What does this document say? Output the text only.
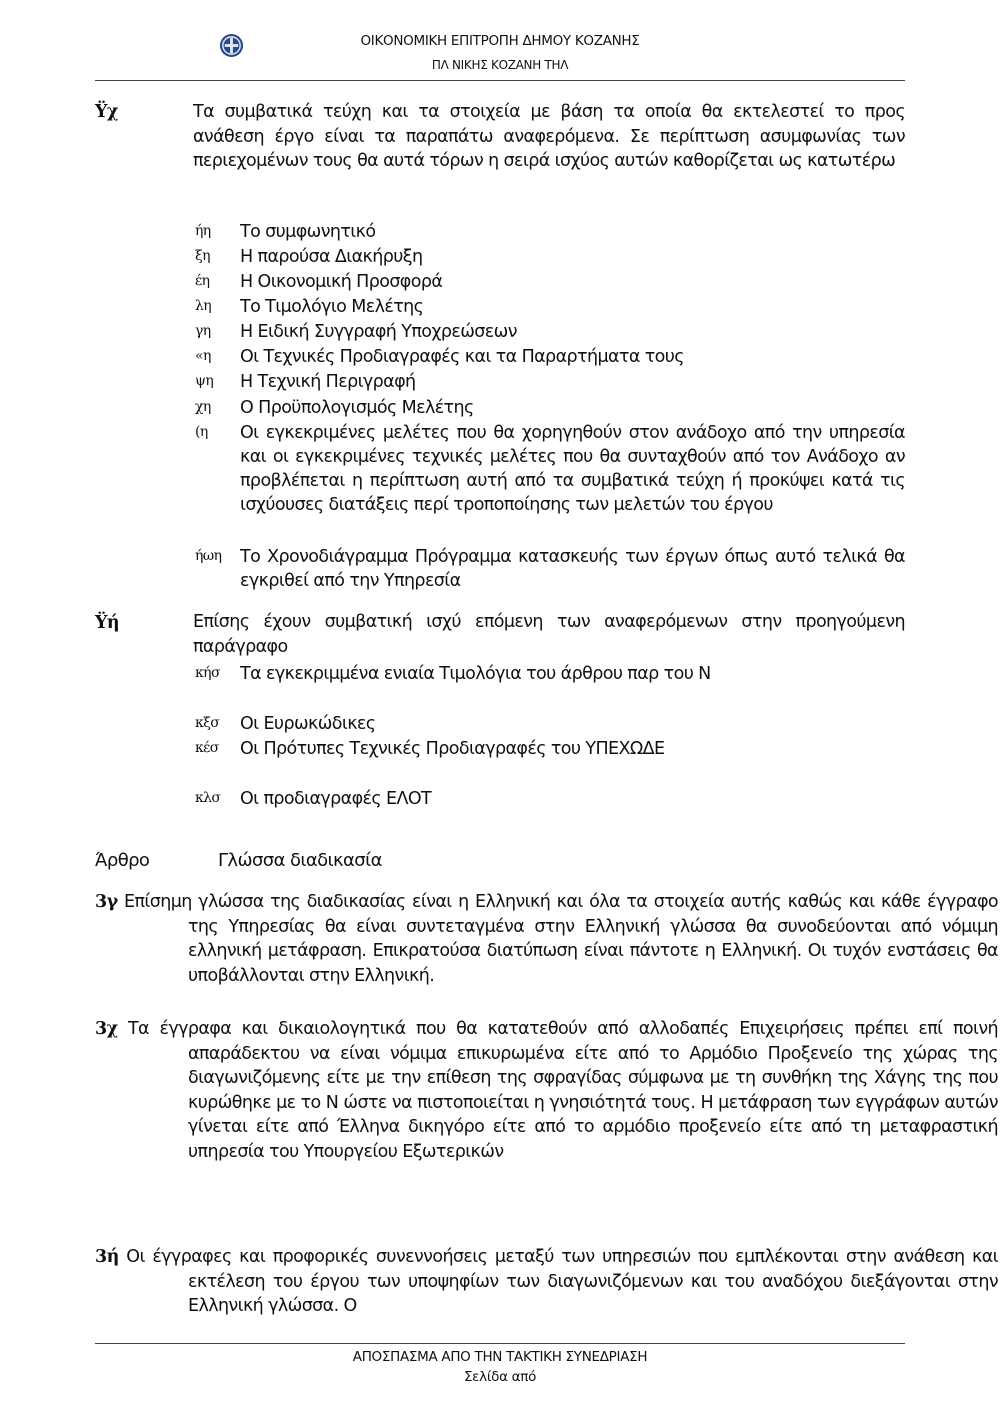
ΟΙΚΟΝΟΜΙΚΗ ΕΠΙΤΡΟΠΗ ΔΗΜΟΥ ΚΟΖΑΝΗΣ
ΠΛ ΝΙΚΗΣ ΚΟΖΑΝΗ ΤΗΛ
Ϋχ	Τα συμβατικά τεύχη και τα στοιχεία με βάση τα οποία θα εκτελεστεί το προς ανάθεση έργο είναι τα παραπάτω αναφερόμενα. Σε περίπτωση ασυμφωνίας των περιεχομένων τους θα αυτά τόρων η σειρά ισχύος αυτών καθορίζεται ως κατωτέρω
ήη	Το συμφωνητικό
ξη	Η παρούσα Διακήρυξη
έη	Η Οικονομική Προσφορά
λη	Το Τιμολόγιο Μελέτης
γη	Η Ειδική Συγγραφή Υποχρεώσεων
«η	Οι Τεχνικές Προδιαγραφές και τα Παραρτήματα τους
ψη	Η Τεχνική Περιγραφή
χη	Ο Προϋπολογισμός Μελέτης
(η	Οι εγκεκριμένες μελέτες που θα χορηγηθούν στον ανάδοχο από την υπηρεσία και οι εγκεκριμένες τεχνικές μελέτες που θα συνταχθούν από τον Ανάδοχο αν προβλέπεται η περίπτωση αυτή από τα συμβατικά τεύχη ή προκύψει κατά τις ισχύουσες διατάξεις περί τροποποίησης των μελετών του έργου
ήωη	Το Χρονοδιάγραμμα Πρόγραμμα κατασκευής των έργων όπως αυτό τελικά θα εγκριθεί από την Υπηρεσία
Ϋή	Επίσης έχουν συμβατική ισχύ επόμενη των αναφερόμενων στην προηγούμενη παράγραφο
κήσ	Τα εγκεκριμμένα ενιαία Τιμολόγια του άρθρου παρ του Ν
κξσ	Οι Ευρωκώδικες
κέσ	Οι Πρότυπες Τεχνικές Προδιαγραφές του ΥΠΕΧΩΔΕ
κλσ	Οι προδιαγραφές ΕΛΟΤ
Άρθρο	Γλώσσα διαδικασία
3γ Επίσημη γλώσσα της διαδικασίας είναι η Ελληνική και όλα τα στοιχεία αυτής καθώς και κάθε έγγραφο της Υπηρεσίας θα είναι συντεταγμένα στην Ελληνική γλώσσα θα συνοδεύονται από νόμιμη ελληνική μετάφραση. Επικρατούσα διατύπωση είναι πάντοτε η Ελληνική. Οι τυχόν ενστάσεις θα υποβάλλονται στην Ελληνική.
3χ Τα έγγραφα και δικαιολογητικά που θα κατατεθούν από αλλοδαπές Επιχειρήσεις πρέπει επί ποινή απαράδεκτου να είναι νόμιμα επικυρωμένα είτε από το Αρμόδιο Προξενείο της χώρας της διαγωνιζόμενης είτε με την επίθεση της σφραγίδας σύμφωνα με τη συνθήκη της Χάγης της που κυρώθηκε με το Ν ώστε να πιστοποιείται η γνησιότητά τους. Η μετάφραση των εγγράφων αυτών γίνεται είτε από Έλληνα δικηγόρο είτε από το αρμόδιο προξενείο είτε από τη μεταφραστική υπηρεσία του Υπουργείου Εξωτερικών
3ή Οι έγγραφες και προφορικές συνεννοήσεις μεταξύ των υπηρεσιών που εμπλέκονται στην ανάθεση και εκτέλεση του έργου των υποψηφίων των διαγωνιζόμενων και του αναδόχου διεξάγονται στην Ελληνική γλώσσα. Ο
ΑΠΟΣΠΑΣΜΑ ΑΠΟ ΤΗΝ ΤΑΚΤΙΚΗ ΣΥΝΕΔΡΙΑΣΗ
Σελίδα από
